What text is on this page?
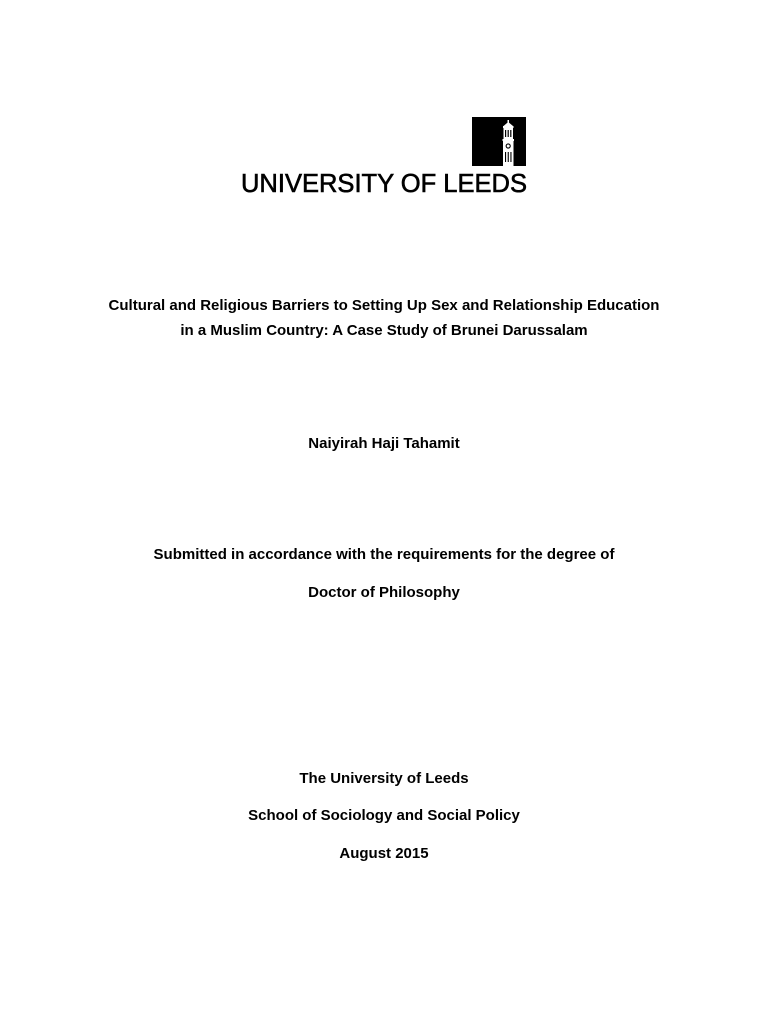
UNIVERSITY OF LEEDS
Cultural and Religious Barriers to Setting Up Sex and Relationship Education
in a Muslim Country: A Case Study of Brunei Darussalam
Naiyirah Haji Tahamit
Submitted in accordance with the requirements for the degree of
Doctor of Philosophy
The University of Leeds
School of Sociology and Social Policy
August 2015
